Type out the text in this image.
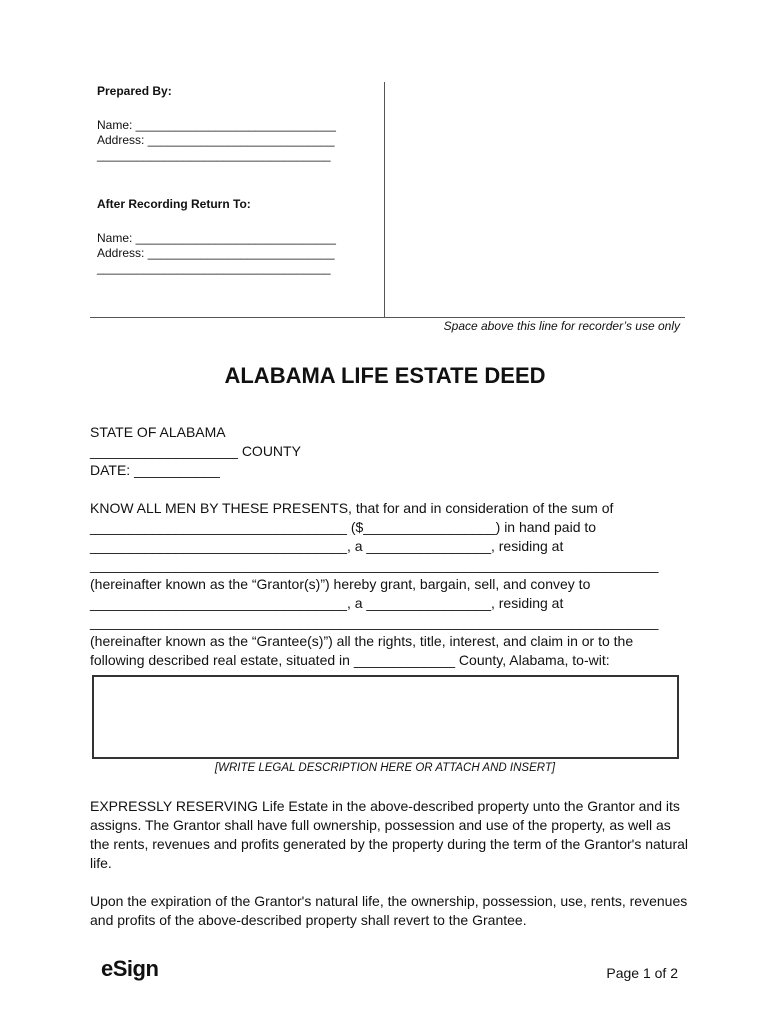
Prepared By:
Name: ______________________________
Address: ____________________________
___________________________________
After Recording Return To:
Name: ______________________________
Address: ____________________________
___________________________________
Space above this line for recorder’s use only
ALABAMA LIFE ESTATE DEED
STATE OF ALABAMA
___________________ COUNTY
DATE: ___________
KNOW ALL MEN BY THESE PRESENTS, that for and in consideration of the sum of
_________________________________ ($_________________) in hand paid to
_________________________________, a ________________, residing at
_________________________________________________________________________
(hereinafter known as the “Grantor(s)”) hereby grant, bargain, sell, and convey to
_________________________________, a ________________, residing at
_________________________________________________________________________
(hereinafter known as the “Grantee(s)”) all the rights, title, interest, and claim in or to the
following described real estate, situated in _____________ County, Alabama, to-wit:
[WRITE LEGAL DESCRIPTION HERE OR ATTACH AND INSERT]
EXPRESSLY RESERVING Life Estate in the above-described property unto the Grantor and its assigns. The Grantor shall have full ownership, possession and use of the property, as well as the rents, revenues and profits generated by the property during the term of the Grantor's natural life.
Upon the expiration of the Grantor's natural life, the ownership, possession, use, rents, revenues and profits of the above-described property shall revert to the Grantee.
eSign	Page 1 of 2
